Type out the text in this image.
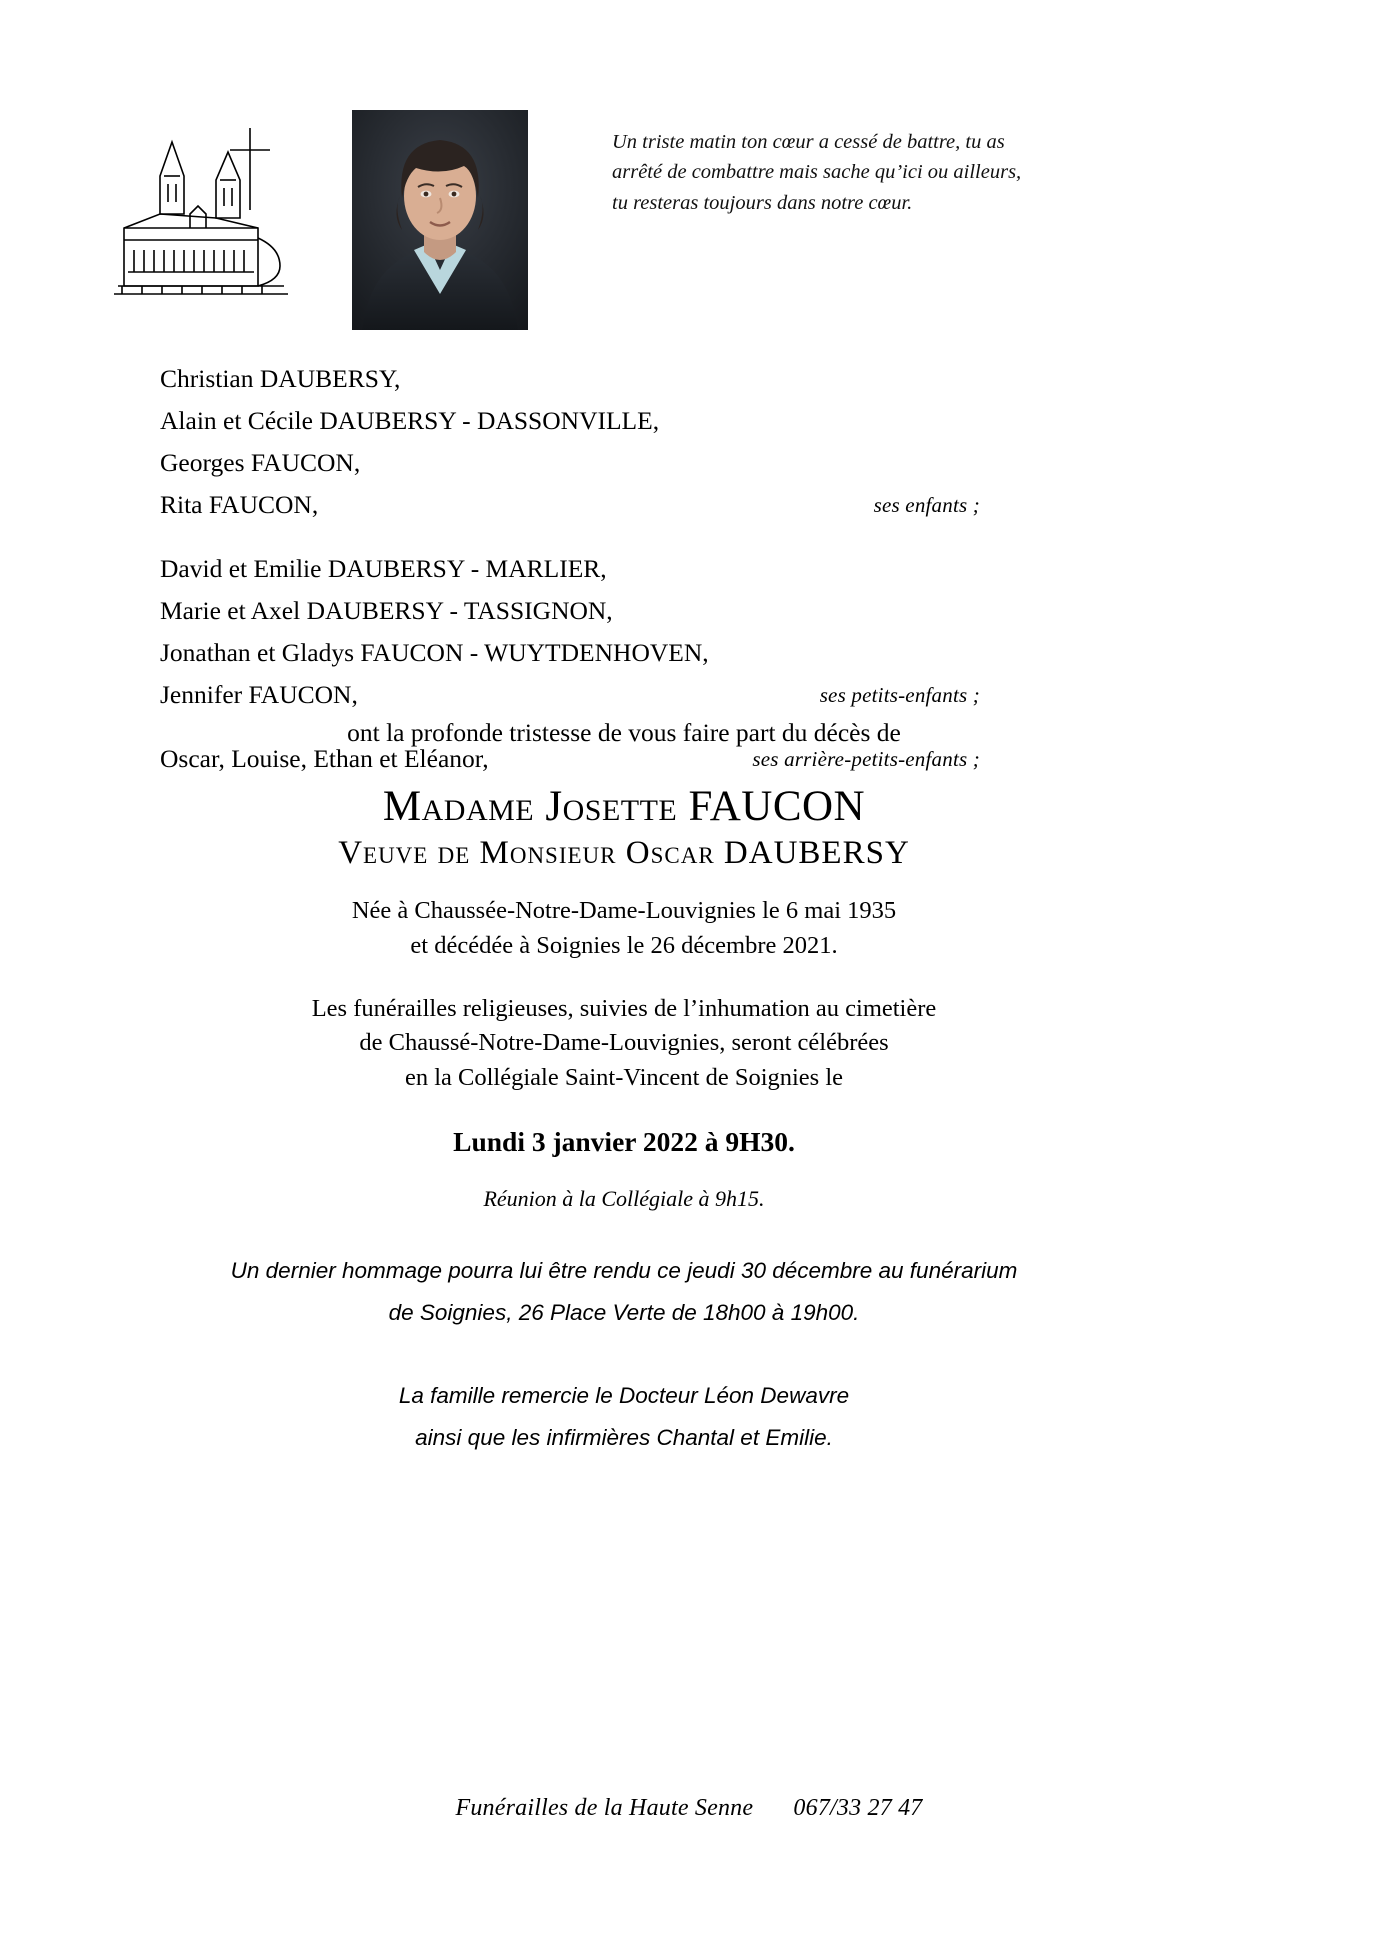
Un triste matin ton cœur a cessé de battre, tu as arrêté de combattre mais sache qu’ici ou ailleurs, tu resteras toujours dans notre cœur.
Christian DAUBERSY,
Alain et Cécile DAUBERSY - DASSONVILLE,
Georges FAUCON,
Rita FAUCON,	ses enfants ;
David et Emilie DAUBERSY - MARLIER,
Marie et Axel DAUBERSY - TASSIGNON,
Jonathan et Gladys FAUCON - WUYTDENHOVEN,
Jennifer FAUCON,	ses petits-enfants ;
Oscar, Louise, Ethan et Eléanor,	ses arrière-petits-enfants ;
ont la profonde tristesse de vous faire part du décès de
Madame Josette FAUCON
Veuve de Monsieur Oscar DAUBERSY
Née à Chaussée-Notre-Dame-Louvignies le 6 mai 1935
et décédée à Soignies le 26 décembre 2021.
Les funérailles religieuses, suivies de l’inhumation au cimetière
de Chaussé-Notre-Dame-Louvignies, seront célébrées
en la Collégiale Saint-Vincent de Soignies le
Lundi 3 janvier 2022 à 9H30.
Réunion à la Collégiale à 9h15.
Un dernier hommage pourra lui être rendu ce jeudi 30 décembre au funérarium
de Soignies, 26 Place Verte de 18h00 à 19h00.
La famille remercie le Docteur Léon Dewavre
ainsi que les infirmières Chantal et Emilie.
Funérailles de la Haute Senne 067/33 27 47
